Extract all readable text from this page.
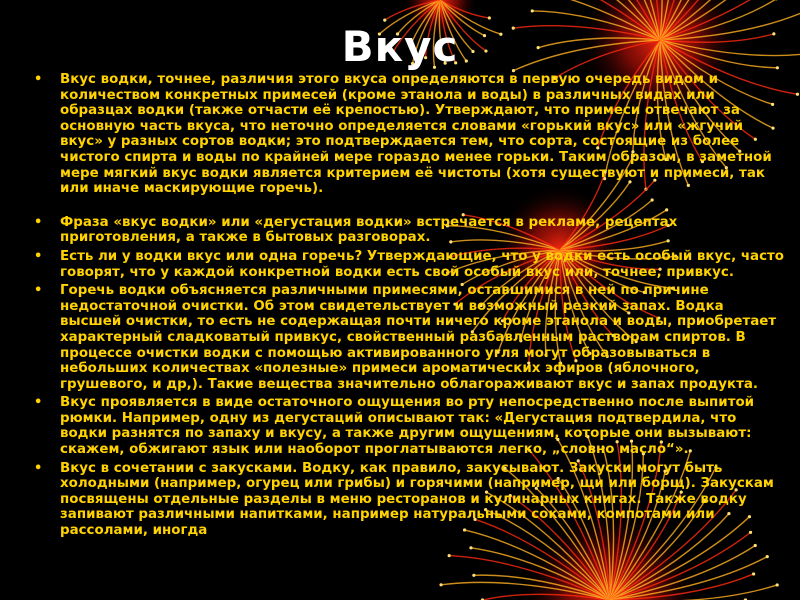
Вкус
•	Вкус водки, точнее, различия этого вкуса определяются в первую очередь видом и количеством конкретных примесей (кроме этанола и воды) в различных видах или образцах водки (также отчасти её крепостью). Утверждают, что примеси отвечают за основную часть вкуса, что неточно определяется словами «горький вкус» или «жгучий вкус» у разных сортов водки; это подтверждается тем, что сорта, состоящие из более чистого спирта и воды по крайней мере гораздо менее горьки. Таким образом, в заметной мере мягкий вкус водки является критерием её чистоты (хотя существуют и примеси, так или иначе маскирующие горечь).
•	Фраза «вкус водки» или «дегустация водки» встречается в рекламе, рецептах приготовления, а также в бытовых разговорах.
•	Есть ли у водки вкус или одна горечь? Утверждающие, что у водки есть особый вкус, часто говорят, что у каждой конкретной водки есть свой особый вкус или, точнее, привкус.
•	Горечь водки объясняется различными примесями, оставшимися в ней по причине недостаточной очистки. Об этом свидетельствует и возможный резкий запах. Водка высшей очистки, то есть не содержащая почти ничего кроме этанола и воды, приобретает характерный сладковатый привкус, свойственный разбавленным растворам спиртов. В процессе очистки водки с помощью активированного угля могут образовываться в небольших количествах «полезные» примеси ароматических эфиров (яблочного, грушевого, и др,). Такие вещества значительно облагораживают вкус и запах продукта.
•	Вкус проявляется в виде остаточного ощущения во рту непосредственно после выпитой рюмки. Например, одну из дегустаций описывают так: «Дегустация подтвердила, что водки разнятся по запаху и вкусу, а также другим ощущениям, которые они вызывают: скажем, обжигают язык или наоборот проглатываются легко, „словно масло“».
•	Вкус в сочетании с закусками. Водку, как правило, закусывают. Закуски могут быть холодными (например, огурец или грибы) и горячими (например, щи или борщ). Закускам посвящены отдельные разделы в меню ресторанов и кулинарных книгах. Также водку запивают различными напитками, например натуральными соками, компотами или рассолами, иногда
